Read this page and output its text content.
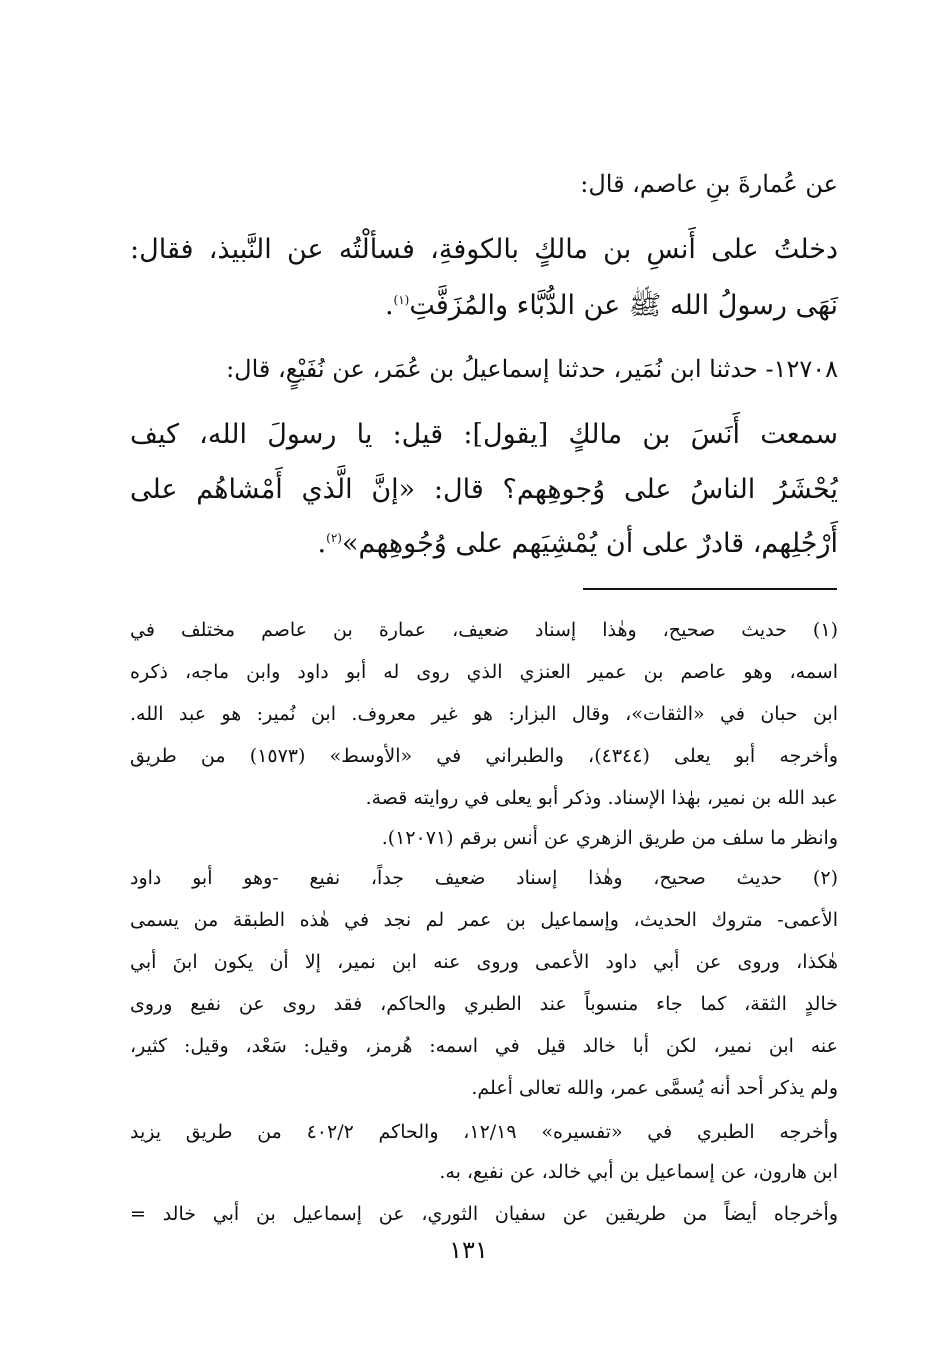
عن عُمارةَ بنِ عاصم، قال:
دخلتُ على أَنسِ بن مالكٍ بالكوفةِ، فسألْتُه عن النَّبيذ، فقال:
نَهَى رسولُ الله ﷺ عن الدُّبَّاء والمُزَفَّتِ$^{(١)}$.
١٢٧٠٨- حدثنا ابن نُمَير، حدثنا إسماعيلُ بن عُمَر، عن نُفَيْعٍ، قال:
سمعت أَنَسَ بن مالكٍ [يقول]: قيل: يا رسولَ الله، كيف
يُحْشَرُ الناسُ على وُجوهِهم؟ قال: «إنَّ الَّذي أَمْشاهُم على
أَرْجُلِهم، قادرٌ على أن يُمْشِيَهم على وُجُوهِهم»$^{(٢)}$.
(١) حديث صحيح، وهٰذا إسناد ضعيف، عمارة بن عاصم مختلف في
اسمه، وهو عاصم بن عمير العنزي الذي روى له أبو داود وابن ماجه، ذكره
ابن حبان في «الثقات»، وقال البزار: هو غير معروف. ابن نُمير: هو عبد الله.
وأخرجه أبو يعلى (٤٣٤٤)، والطبراني في «الأوسط» (١٥٧٣) من طريق
عبد الله بن نمير، بهٰذا الإسناد. وذكر أبو يعلى في روايته قصة.
وانظر ما سلف من طريق الزهري عن أنس برقم (١٢٠٧١).
(٢) حديث صحيح، وهٰذا إسناد ضعيف جداً، نفيع -وهو أبو داود
الأعمى- متروك الحديث، وإسماعيل بن عمر لم نجد في هٰذه الطبقة من يسمى
هٰكذا، وروى عن أبي داود الأعمى وروى عنه ابن نمير، إلا أن يكون ابنَ أبي
خالدٍ الثقة، كما جاء منسوباً عند الطبري والحاكم، فقد روى عن نفيع وروى
عنه ابن نمير، لكن أبا خالد قيل في اسمه: هُرمز، وقيل: سَعْد، وقيل: كثير،
ولم يذكر أحد أنه يُسمَّى عمر، والله تعالى أعلم.
وأخرجه الطبري في «تفسيره» ١٢/١٩، والحاكم ٤٠٢/٢ من طريق يزيد
ابن هارون، عن إسماعيل بن أبي خالد، عن نفيع، به.
وأخرجاه أيضاً من طريقين عن سفيان الثوري، عن إسماعيل بن أبي خالد =
١٣١
